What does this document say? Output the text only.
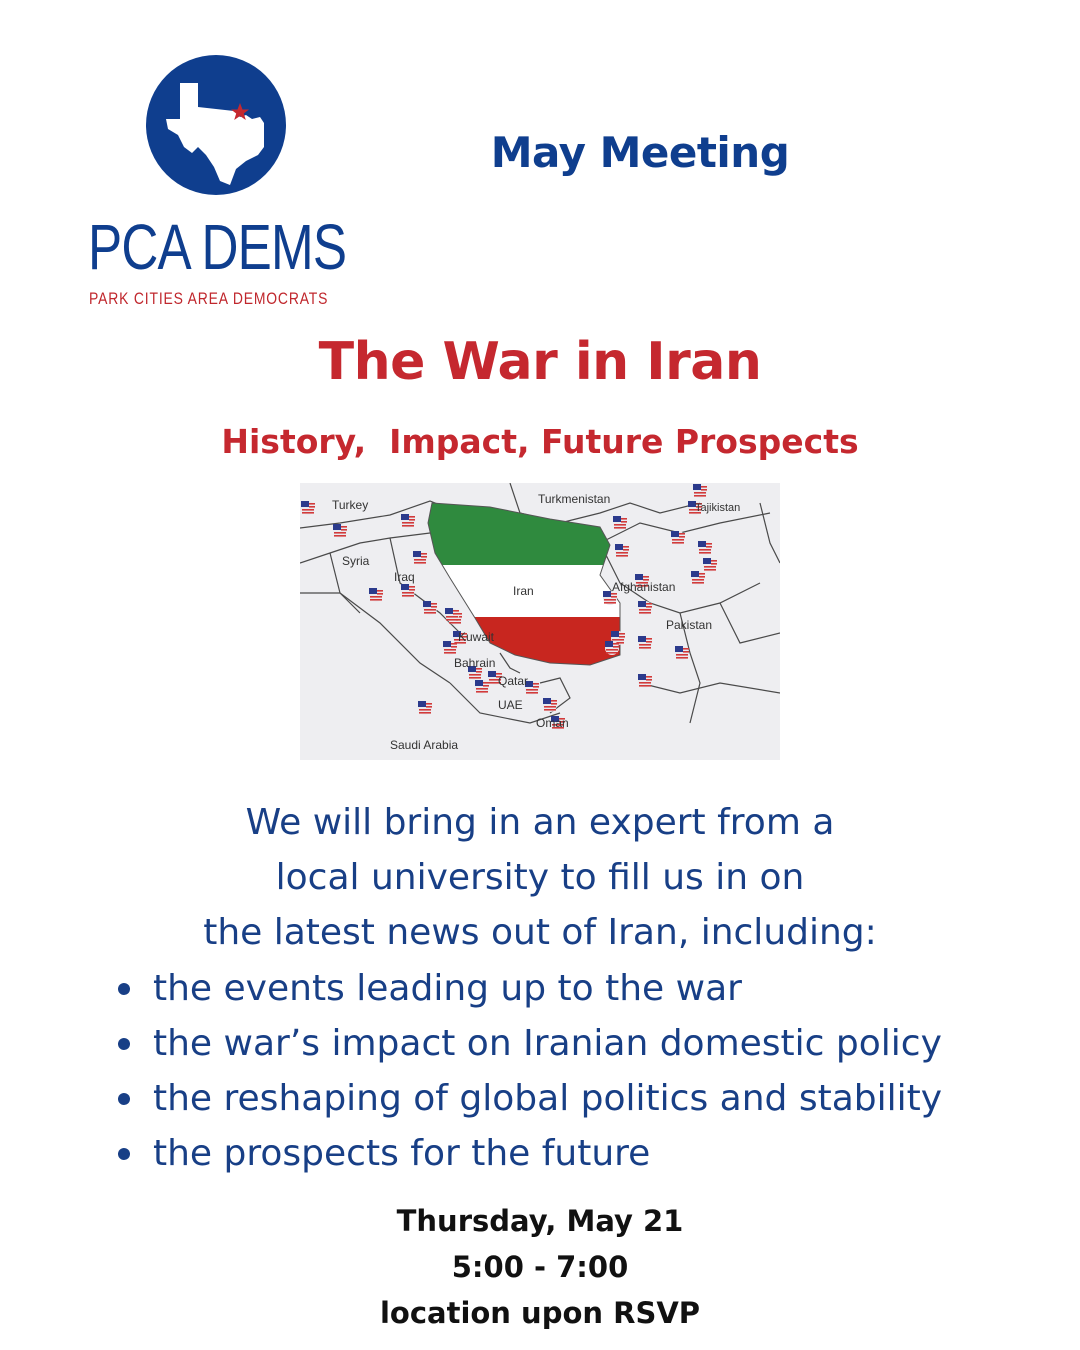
PCA DEMS
PARK CITIES AREA DEMOCRATS
May Meeting
The War in Iran
History,  Impact, Future Prospects
Turkey	Turkmenistan
Tajikistan
Syria
Iraq
Iran	Afghanistan
Kuwait
Pakistan
Bahrain
Qatar
UAE
Oman
Saudi Arabia
We will bring in an expert from a
local university to fill us in on
the latest news out of Iran, including:
the events leading up to the war
the war’s impact on Iranian domestic policy
the reshaping of global politics and stability
the prospects for the future
Thursday, May 21
5:00 - 7:00
location upon RSVP
